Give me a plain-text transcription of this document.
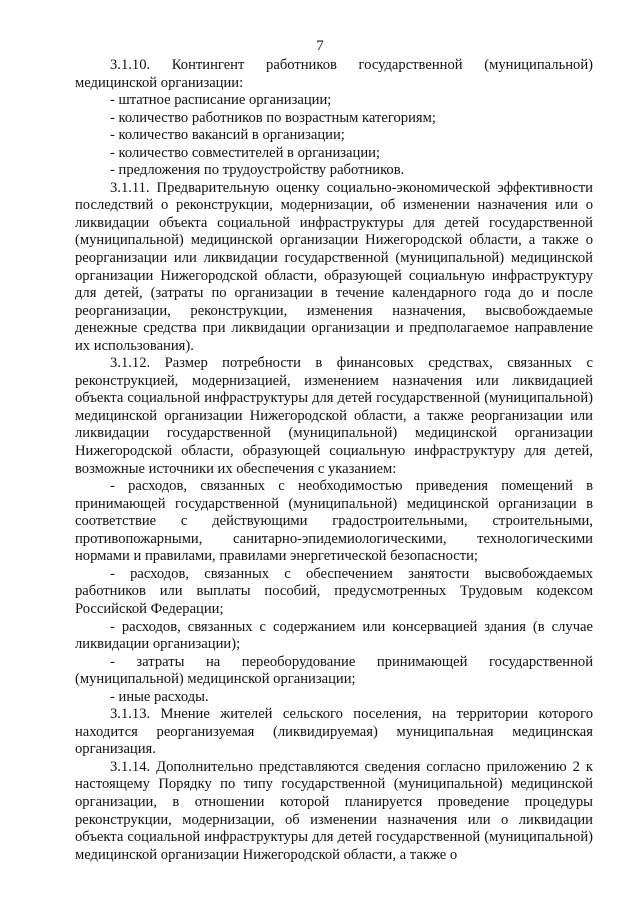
7

3.1.10. Контингент работников государственной (муниципальной) медицинской организации:

- штатное расписание организации;

- количество работников по возрастным категориям;

- количество вакансий в организации;

- количество совместителей в организации;

- предложения по трудоустройству работников.

3.1.11. Предварительную оценку социально-экономической эффективности последствий о реконструкции, модернизации, об изменении назначения или о ликвидации объекта социальной инфраструктуры для детей государственной (муниципальной) медицинской организации Нижегородской области, а также о реорганизации или ликвидации государственной (муниципальной) медицинской организации Нижегородской области, образующей социальную инфраструктуру для детей, (затраты по организации в течение календарного года до и после реорганизации, реконструкции, изменения назначения, высвобождаемые денежные средства при ликвидации организации и предполагаемое направление их использования).

3.1.12. Размер потребности в финансовых средствах, связанных с реконструкцией, модернизацией, изменением назначения или ликвидацией объекта социальной инфраструктуры для детей государственной (муниципальной) медицинской организации Нижегородской области, а также реорганизации или ликвидации государственной (муниципальной) медицинской организации Нижегородской области, образующей социальную инфраструктуру для детей, возможные источники их обеспечения с указанием:

- расходов, связанных с необходимостью приведения помещений в принимающей государственной (муниципальной) медицинской организации в соответствие с действующими градостроительными, строительными, противопожарными, санитарно-эпидемиологическими, технологическими нормами и правилами, правилами энергетической безопасности;

- расходов, связанных с обеспечением занятости высвобождаемых работников или выплаты пособий, предусмотренных Трудовым кодексом Российской Федерации;

- расходов, связанных с содержанием или консервацией здания (в случае ликвидации организации);

- затраты на переоборудование принимающей государственной (муниципальной) медицинской организации;

- иные расходы.

3.1.13. Мнение жителей сельского поселения, на территории которого находится реорганизуемая (ликвидируемая) муниципальная медицинская организация.

3.1.14. Дополнительно представляются сведения согласно приложению 2 к настоящему Порядку по типу государственной (муниципальной) медицинской организации, в отношении которой планируется проведение процедуры реконструкции, модернизации, об изменении назначения или о ликвидации объекта социальной инфраструктуры для детей государственной (муниципальной) медицинской организации Нижегородской области, а также о
